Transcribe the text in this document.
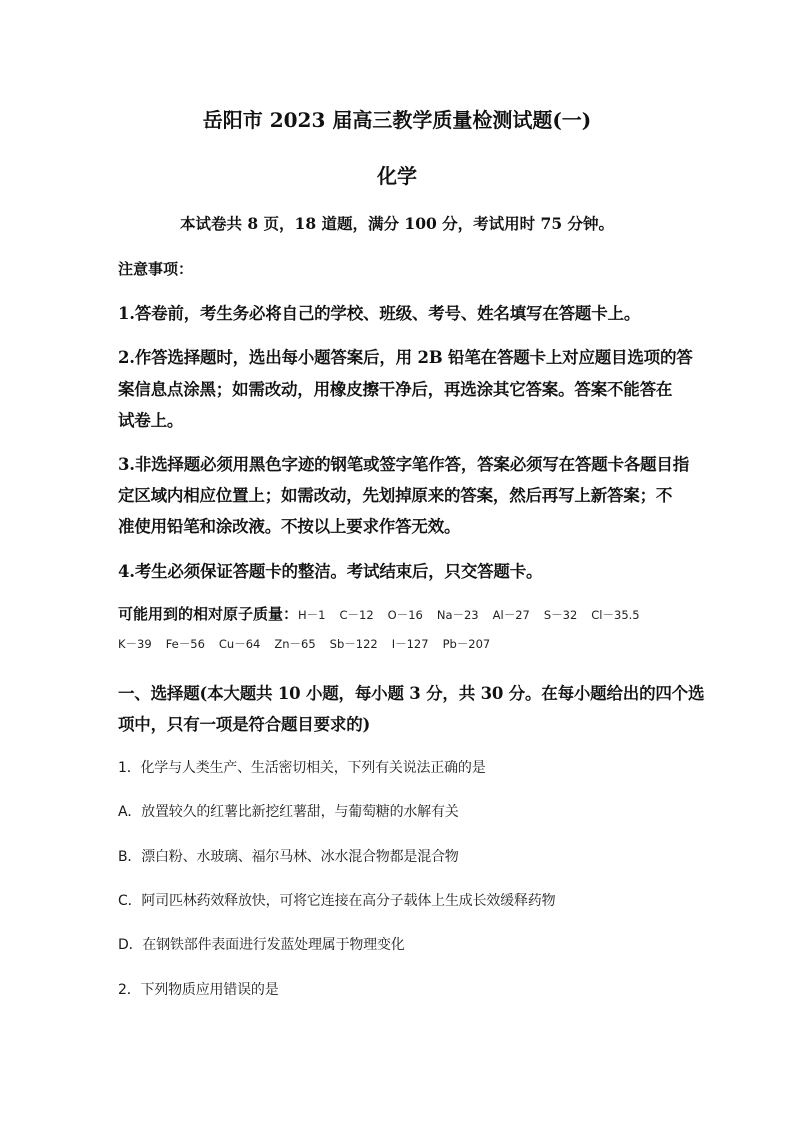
岳阳市 2023 届高三教学质量检测试题(一)

化学

本试卷共 8 页，18 道题，满分 100 分，考试用时 75 分钟。

注意事项：

1.答卷前，考生务必将自己的学校、班级、考号、姓名填写在答题卡上。

2.作答选择题时，选出每小题答案后，用 2B 铅笔在答题卡上对应题目选项的答

案信息点涂黑；如需改动，用橡皮擦干净后，再选涂其它答案。答案不能答在

试卷上。

3.非选择题必须用黑色字迹的钢笔或签字笔作答，答案必须写在答题卡各题目指

定区域内相应位置上；如需改动，先划掉原来的答案，然后再写上新答案；不

准使用铅笔和涂改液。不按以上要求作答无效。

4.考生必须保证答题卡的整洁。考试结束后，只交答题卡。

可能用到的相对原子质量：H－1 C－12 O－16 Na－23 Al－27 S－32 Cl－35.5

K－39 Fe－56 Cu－64 Zn－65 Sb－122 I－127 Pb－207

一、选择题(本大题共 10 小题，每小题 3 分，共 30 分。在每小题给出的四个选

项中，只有一项是符合题目要求的)

1．化学与人类生产、生活密切相关，下列有关说法正确的是

A．放置较久的红薯比新挖红薯甜，与葡萄糖的水解有关

B．漂白粉、水玻璃、福尔马林、冰水混合物都是混合物

C．阿司匹林药效释放快，可将它连接在高分子载体上生成长效缓释药物

D．在钢铁部件表面进行发蓝处理属于物理变化

2．下列物质应用错误的是
